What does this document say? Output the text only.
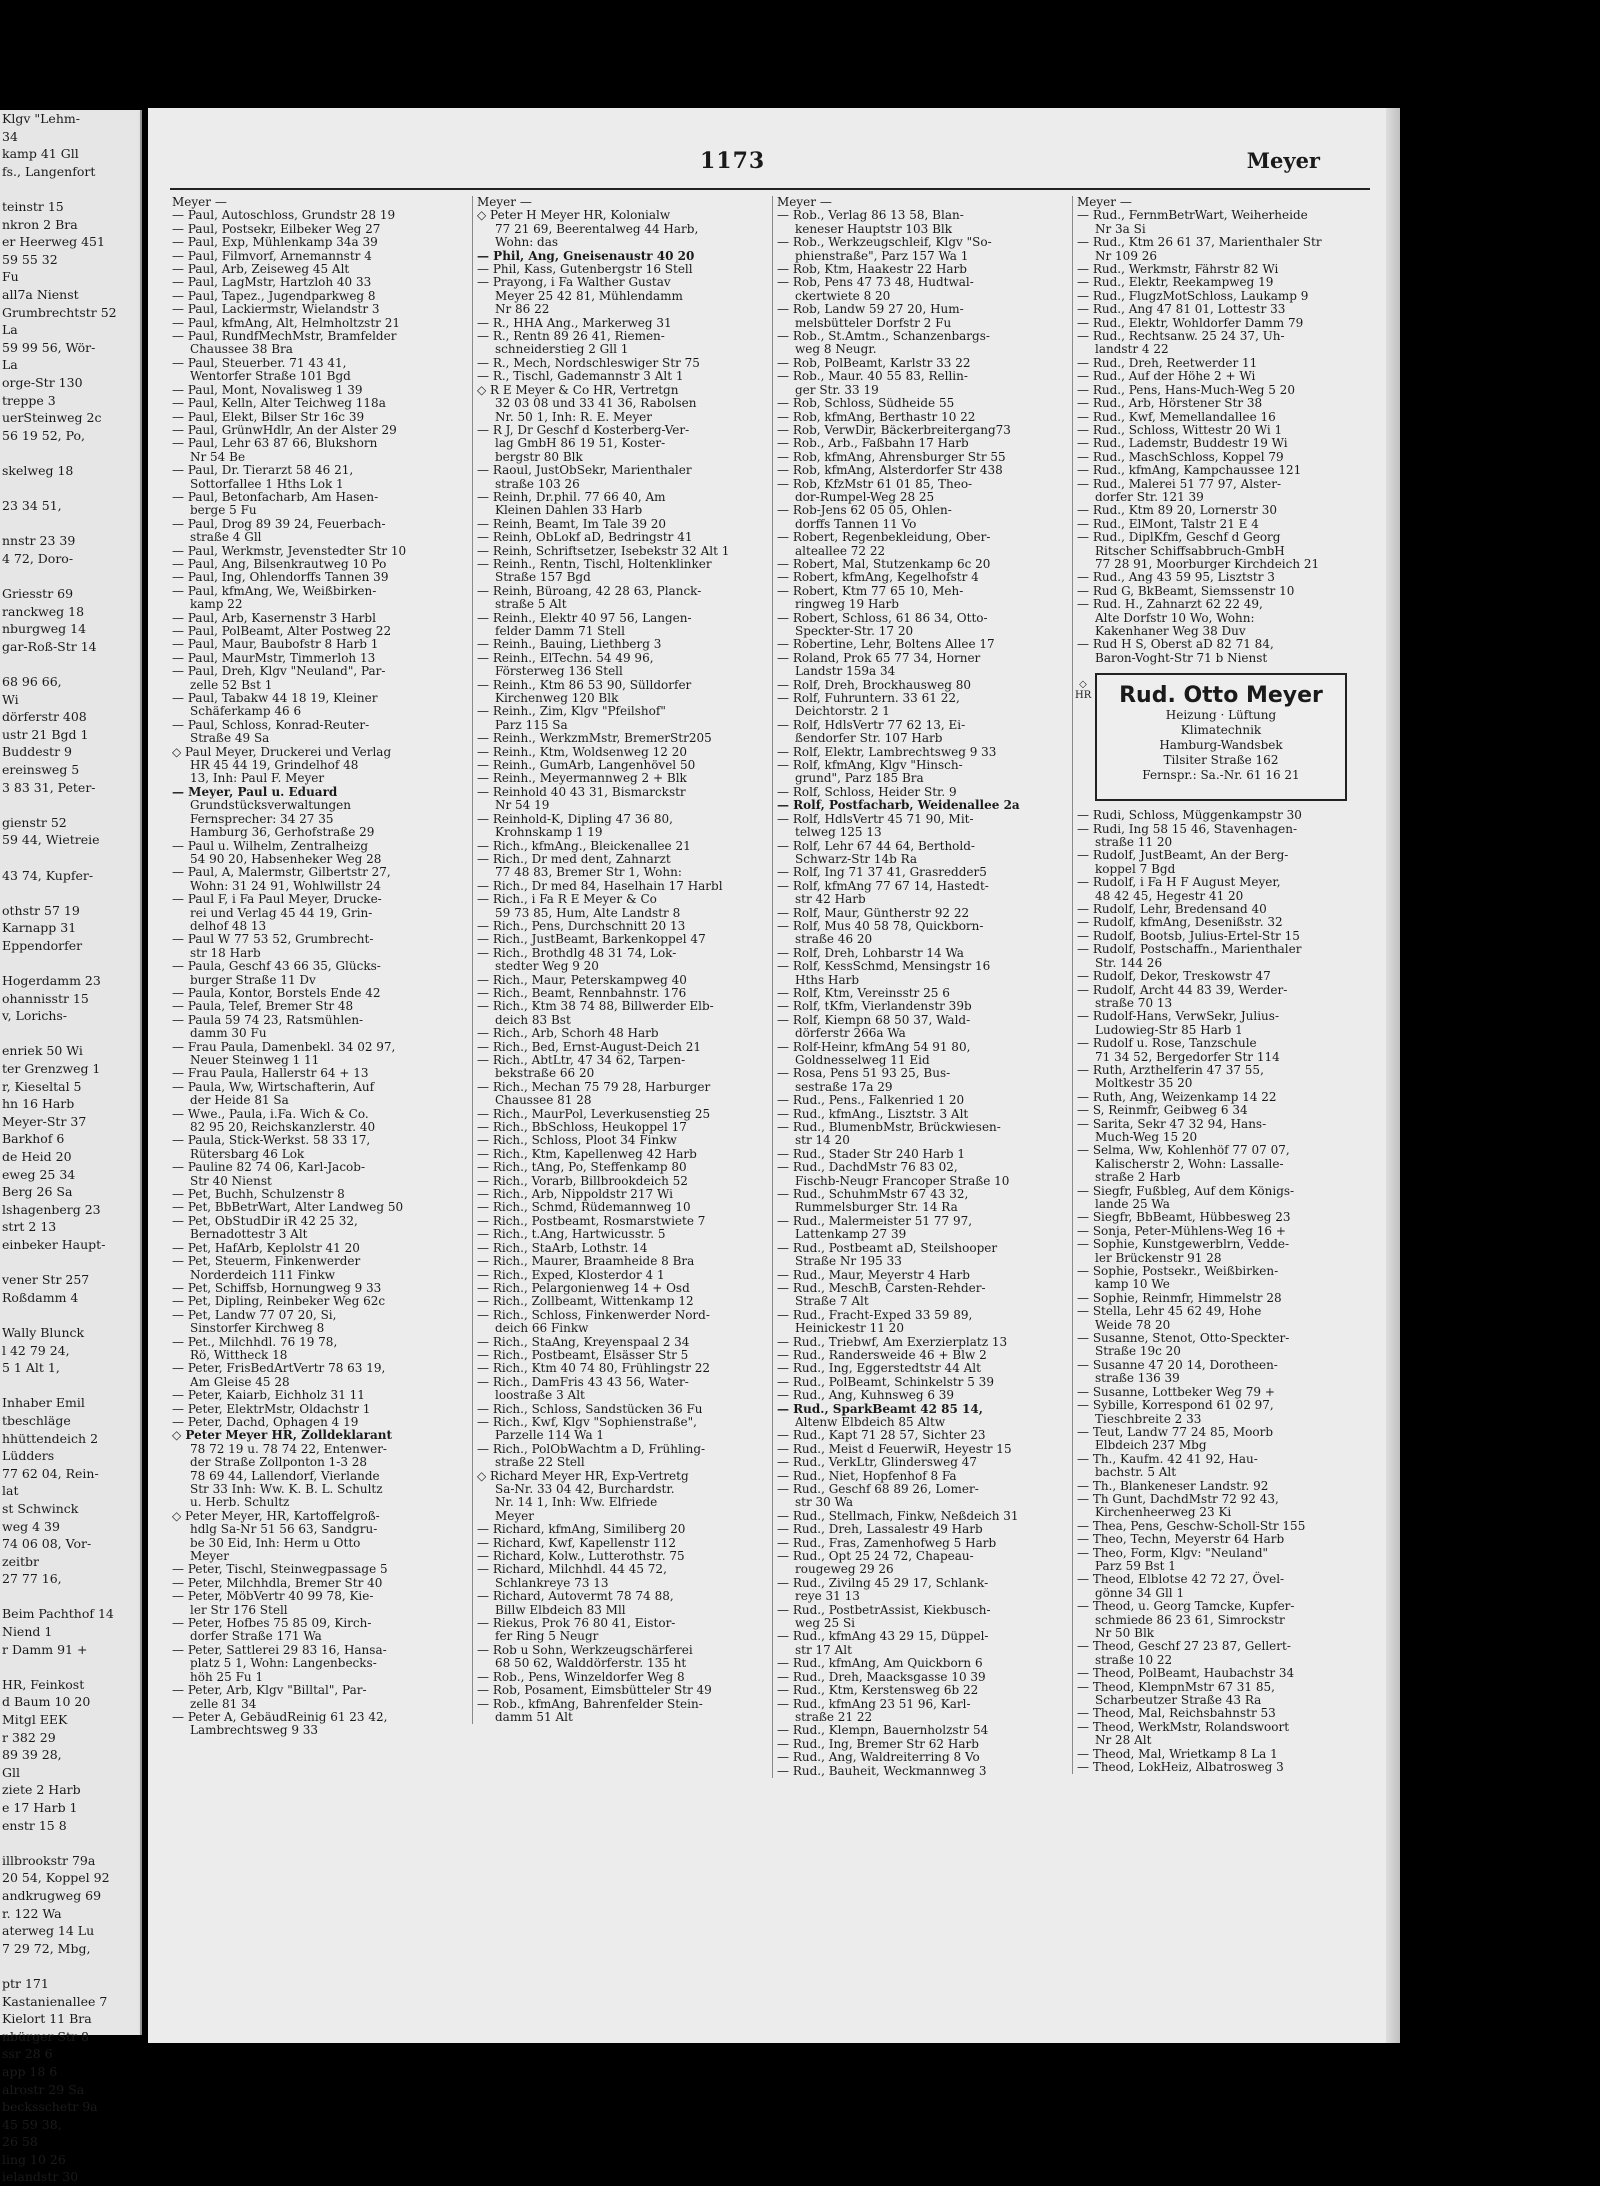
Klgv "Lehm-
34
kamp 41 Gll
fs., Langenfort

teinstr 15
nkron 2 Bra
er Heerweg 451
59 55 32
Fu
all7a Nienst
Grumbrechtstr 52
La
59 99 56, Wör-
La
orge-Str 130
treppe 3
uerSteinweg 2c
56 19 52, Po,

skelweg 18

23 34 51,

nnstr 23 39
4 72, Doro-

Griesstr 69
ranckweg 18
nburgweg 14
gar-Roß-Str 14

68 96 66,
Wi
dörferstr 408
ustr 21 Bgd 1
Buddestr 9
ereinsweg 5
3 83 31, Peter-

gienstr 52
59 44, Wietreie

43 74, Kupfer-

othstr 57 19
Karnapp 31
Eppendorfer

Hogerdamm 23
ohannisstr 15
v, Lorichs-

enriek 50 Wi
ter Grenzweg 1
r, Kieseltal 5
hn 16 Harb
Meyer-Str 37
Barkhof 6
de Heid 20
eweg 25 34
Berg 26 Sa
lshagenberg 23
strt 2 13
einbeker Haupt-

vener Str 257
Roßdamm 4

Wally Blunck
l 42 79 24,
5 1 Alt 1,

Inhaber Emil
tbeschläge
hhüttendeich 2
Lüdders
77 62 04, Rein-
lat
st Schwinck
weg 4 39
74 06 08, Vor-
zeitbr
27 77 16,

Beim Pachthof 14
Niend 1
r Damm 91 +

HR, Feinkost
d Baum 10 20
Mitgl EEK
r 382 29
89 39 28,
Gll
ziete 2 Harb
e 17 Harb 1
enstr 15 8

illbrookstr 79a
20 54, Koppel 92
andkrugweg 69
r. 122 Wa
aterweg 14 Lu
7 29 72, Mbg,

ptr 171
Kastanienallee 7
Kielort 11 Bra
nbürger Str 8
ssr 28 6
app 18 6
alrostr 29 Sa
becksschetr 9a
45 59 38,
26 58
ling 10 26
ielandstr 30
1173	Meyer
Meyer —
— Paul, Autoschloss, Grundstr 28 19
— Paul, Postsekr, Eilbeker Weg 27
— Paul, Exp, Mühlenkamp 34a 39
— Paul, Filmvorf, Arnemannstr 4
— Paul, Arb, Zeiseweg 45 Alt
— Paul, LagMstr, Hartzloh 40 33
— Paul, Tapez., Jugendparkweg 8
— Paul, Lackiermstr, Wielandstr 3
— Paul, kfmAng, Alt, Helmholtzstr 21
— Paul, RundfMechMstr, Bramfelder
Chaussee 38 Bra
— Paul, Steuerber. 71 43 41,
Wentorfer Straße 101 Bgd
— Paul, Mont, Novalisweg 1 39
— Paul, Kelln, Alter Teichweg 118a
— Paul, Elekt, Bilser Str 16c 39
— Paul, GrünwHdlr, An der Alster 29
— Paul, Lehr 63 87 66, Blukshorn
Nr 54 Be
— Paul, Dr. Tierarzt 58 46 21,
Sottorfallee 1 Hths Lok 1
— Paul, Betonfacharb, Am Hasen-
berge 5 Fu
— Paul, Drog 89 39 24, Feuerbach-
straße 4 Gll
— Paul, Werkmstr, Jevenstedter Str 10
— Paul, Ang, Bilsenkrautweg 10 Po
— Paul, Ing, Ohlendorffs Tannen 39
— Paul, kfmAng, We, Weißbirken-
kamp 22
— Paul, Arb, Kasernenstr 3 Harbl
— Paul, PolBeamt, Alter Postweg 22
— Paul, Maur, Baubofstr 8 Harb 1
— Paul, MaurMstr, Timmerloh 13
— Paul, Dreh, Klgv "Neuland", Par-
zelle 52 Bst 1
— Paul, Tabakw 44 18 19, Kleiner
Schäferkamp 46 6
— Paul, Schloss, Konrad-Reuter-
Straße 49 Sa
◇ Paul Meyer, Druckerei und Verlag
HR 45 44 19, Grindelhof 48
13, Inh: Paul F. Meyer
— Meyer, Paul u. Eduard
Grundstücksverwaltungen
Fernsprecher: 34 27 35
Hamburg 36, Gerhofstraße 29
— Paul u. Wilhelm, Zentralheizg
54 90 20, Habsenheker Weg 28
— Paul, A, Malermstr, Gilbertstr 27,
Wohn: 31 24 91, Wohlwillstr 24
— Paul F, i Fa Paul Meyer, Drucke-
rei und Verlag 45 44 19, Grin-
delhof 48 13
— Paul W 77 53 52, Grumbrecht-
str 18 Harb
— Paula, Geschf 43 66 35, Glücks-
burger Straße 11 Dv
— Paula, Kontor, Borstels Ende 42
— Paula, Telef, Bremer Str 48
— Paula 59 74 23, Ratsmühlen-
damm 30 Fu
— Frau Paula, Damenbekl. 34 02 97,
Neuer Steinweg 1 11
— Frau Paula, Hallerstr 64 + 13
— Paula, Ww, Wirtschafterin, Auf
der Heide 81 Sa
— Wwe., Paula, i.Fa. Wich & Co.
82 95 20, Reichskanzlerstr. 40
— Paula, Stick-Werkst. 58 33 17,
Rütersbarg 46 Lok
— Pauline 82 74 06, Karl-Jacob-
Str 40 Nienst
— Pet, Buchh, Schulzenstr 8
— Pet, BbBetrWart, Alter Landweg 50
— Pet, ObStudDir iR 42 25 32,
Bernadottestr 3 Alt
— Pet, HafArb, Keplolstr 41 20
— Pet, Steuerm, Finkenwerder
Norderdeich 111 Finkw
— Pet, Schiffsb, Hornungweg 9 33
— Pet, Dipling, Reinbeker Weg 62c
— Pet, Landw 77 07 20, Si,
Sinstorfer Kirchweg 8
— Pet., Milchhdl. 76 19 78,
Rö, Wittheck 18
— Peter, FrisBedArtVertr 78 63 19,
Am Gleise 45 28
— Peter, Kaiarb, Eichholz 31 11
— Peter, ElektrMstr, Oldachstr 1
— Peter, Dachd, Ophagen 4 19
◇ Peter Meyer HR, Zolldeklarant
78 72 19 u. 78 74 22, Entenwer-
der Straße Zollponton 1-3 28
78 69 44, Lallendorf, Vierlande
Str 33 Inh: Ww. K. B. L. Schultz
u. Herb. Schultz
◇ Peter Meyer, HR, Kartoffelgroß-
hdlg Sa-Nr 51 56 63, Sandgru-
be 30 Eid, Inh: Herm u Otto
Meyer
— Peter, Tischl, Steinwegpassage 5
— Peter, Milchhdla, Bremer Str 40
— Peter, MöbVertr 40 99 78, Kie-
ler Str 176 Stell
— Peter, Hofbes 75 85 09, Kirch-
dorfer Straße 171 Wa
— Peter, Sattlerei 29 83 16, Hansa-
platz 5 1, Wohn: Langenbecks-
höh 25 Fu 1
— Peter, Arb, Klgv "Billtal", Par-
zelle 81 34
— Peter A, GebäudReinig 61 23 42,
Lambrechtsweg 9 33
Meyer —
◇ Peter H Meyer HR, Kolonialw
77 21 69, Beerentalweg 44 Harb,
Wohn: das
— Phil, Ang, Gneisenaustr 40 20
— Phil, Kass, Gutenbergstr 16 Stell
— Prayong, i Fa Walther Gustav
Meyer 25 42 81, Mühlendamm
Nr 86 22
— R., HHA Ang., Markerweg 31
— R., Rentn 89 26 41, Riemen-
schneiderstieg 2 Gll 1
— R., Mech, Nordschleswiger Str 75
— R., Tischl, Gademannstr 3 Alt 1
◇ R E Meyer & Co HR, Vertretgn
32 03 08 und 33 41 36, Rabolsen
Nr. 50 1, Inh: R. E. Meyer
— R J, Dr Geschf d Kosterberg-Ver-
lag GmbH 86 19 51, Koster-
bergstr 80 Blk
— Raoul, JustObSekr, Marienthaler
straße 103 26
— Reinh, Dr.phil. 77 66 40, Am
Kleinen Dahlen 33 Harb
— Reinh, Beamt, Im Tale 39 20
— Reinh, ObLokf aD, Bedringstr 41
— Reinh, Schriftsetzer, Isebekstr 32 Alt 1
— Reinh., Rentn, Tischl, Holtenklinker
Straße 157 Bgd
— Reinh, Büroang, 42 28 63, Planck-
straße 5 Alt
— Reinh., Elektr 40 97 56, Langen-
felder Damm 71 Stell
— Reinh., Bauing, Liethberg 3
— Reinh., ElTechn. 54 49 96,
Försterweg 136 Stell
— Reinh., Ktm 86 53 90, Sülldorfer
Kirchenweg 120 Blk
— Reinh., Zim, Klgv "Pfeilshof"
Parz 115 Sa
— Reinh., WerkzmMstr, BremerStr205
— Reinh., Ktm, Woldsenweg 12 20
— Reinh., GumArb, Langenhövel 50
— Reinh., Meyermannweg 2 + Blk
— Reinhold 40 43 31, Bismarckstr
Nr 54 19
— Reinhold-K, Dipling 47 36 80,
Krohnskamp 1 19
— Rich., kfmAng., Bleickenallee 21
— Rich., Dr med dent, Zahnarzt
77 48 83, Bremer Str 1, Wohn:
— Rich., Dr med 84, Haselhain 17 Harbl
— Rich., i Fa R E Meyer & Co
59 73 85, Hum, Alte Landstr 8
— Rich., Pens, Durchschnitt 20 13
— Rich., JustBeamt, Barkenkoppel 47
— Rich., Brothdlg 48 31 74, Lok-
stedter Weg 9 20
— Rich., Maur, Peterskampweg 40
— Rich., Beamt, Rennbahnstr. 176
— Rich., Ktm 38 74 88, Billwerder Elb-
deich 83 Bst
— Rich., Arb, Schorh 48 Harb
— Rich., Bed, Ernst-August-Deich 21
— Rich., AbtLtr, 47 34 62, Tarpen-
bekstraße 66 20
— Rich., Mechan 75 79 28, Harburger
Chaussee 81 28
— Rich., MaurPol, Leverkusenstieg 25
— Rich., BbSchloss, Heukoppel 17
— Rich., Schloss, Ploot 34 Finkw
— Rich., Ktm, Kapellenweg 42 Harb
— Rich., tAng, Po, Steffenkamp 80
— Rich., Vorarb, Billbrookdeich 52
— Rich., Arb, Nippoldstr 217 Wi
— Rich., Schmd, Rüdemannweg 10
— Rich., Postbeamt, Rosmarstwiete 7
— Rich., t.Ang, Hartwicusstr. 5
— Rich., StaArb, Lothstr. 14
— Rich., Maurer, Braamheide 8 Bra
— Rich., Exped, Klosterdor 4 1
— Rich., Pelargonienweg 14 + Osd
— Rich., Zollbeamt, Wittenkamp 12
— Rich., Schloss, Finkenwerder Nord-
deich 66 Finkw
— Rich., StaAng, Kreyenspaal 2 34
— Rich., Postbeamt, Elsässer Str 5
— Rich., Ktm 40 74 80, Frühlingstr 22
— Rich., DamFris 43 43 56, Water-
loostraße 3 Alt
— Rich., Schloss, Sandstücken 36 Fu
— Rich., Kwf, Klgv "Sophienstraße",
Parzelle 114 Wa 1
— Rich., PolObWachtm a D, Frühling-
straße 22 Stell
◇ Richard Meyer HR, Exp-Vertretg
Sa-Nr. 33 04 42, Burchardstr.
Nr. 14 1, Inh: Ww. Elfriede
Meyer
— Richard, kfmAng, Similiberg 20
— Richard, Kwf, Kapellenstr 112
— Richard, Kolw., Lutterothstr. 75
— Richard, Milchhdl. 44 45 72,
Schlankreye 73 13
— Richard, Autovermt 78 74 88,
Billw Elbdeich 83 Mll
— Riekus, Prok 76 80 41, Eistor-
fer Ring 5 Neugr
— Rob u Sohn, Werkzeugschärferei
68 50 62, Walddörferstr. 135 ht
— Rob., Pens, Winzeldorfer Weg 8
— Rob, Posament, Eimsbütteler Str 49
— Rob., kfmAng, Bahrenfelder Stein-
damm 51 Alt
Meyer —
— Rob., Verlag 86 13 58, Blan-
keneser Hauptstr 103 Blk
— Rob., Werkzeugschleif, Klgv "So-
phienstraße", Parz 157 Wa 1
— Rob, Ktm, Haakestr 22 Harb
— Rob, Pens 47 73 48, Hudtwal-
ckertwiete 8 20
— Rob, Landw 59 27 20, Hum-
melsbütteler Dorfstr 2 Fu
— Rob., St.Amtm., Schanzenbargs-
weg 8 Neugr.
— Rob, PolBeamt, Karlstr 33 22
— Rob., Maur. 40 55 83, Rellin-
ger Str. 33 19
— Rob, Schloss, Südheide 55
— Rob, kfmAng, Berthastr 10 22
— Rob, VerwDir, Bäckerbreitergang73
— Rob., Arb., Faßbahn 17 Harb
— Rob, kfmAng, Ahrensburger Str 55
— Rob, kfmAng, Alsterdorfer Str 438
— Rob, KfzMstr 61 01 85, Theo-
dor-Rumpel-Weg 28 25
— Rob-Jens 62 05 05, Ohlen-
dorffs Tannen 11 Vo
— Robert, Regenbekleidung, Ober-
alteallee 72 22
— Robert, Mal, Stutzenkamp 6c 20
— Robert, kfmAng, Kegelhofstr 4
— Robert, Ktm 77 65 10, Meh-
ringweg 19 Harb
— Robert, Schloss, 61 86 34, Otto-
Speckter-Str. 17 20
— Robertine, Lehr, Boltens Allee 17
— Roland, Prok 65 77 34, Horner
Landstr 159a 34
— Rolf, Dreh, Brockhausweg 80
— Rolf, Fuhruntern. 33 61 22,
Deichtorstr. 2 1
— Rolf, HdlsVertr 77 62 13, Ei-
ßendorfer Str. 107 Harb
— Rolf, Elektr, Lambrechtsweg 9 33
— Rolf, kfmAng, Klgv "Hinsch-
grund", Parz 185 Bra
— Rolf, Schloss, Heider Str. 9
— Rolf, Postfacharb, Weidenallee 2a
— Rolf, HdlsVertr 45 71 90, Mit-
telweg 125 13
— Rolf, Lehr 67 44 64, Berthold-
Schwarz-Str 14b Ra
— Rolf, Ing 71 37 41, Grasredder5
— Rolf, kfmAng 77 67 14, Hastedt-
str 42 Harb
— Rolf, Maur, Güntherstr 92 22
— Rolf, Mus 40 58 78, Quickborn-
straße 46 20
— Rolf, Dreh, Lohbarstr 14 Wa
— Rolf, KessSchmd, Mensingstr 16
Hths Harb
— Rolf, Ktm, Vereinsstr 25 6
— Rolf, tKfm, Vierlandenstr 39b
— Rolf, Kiempn 68 50 37, Wald-
dörferstr 266a Wa
— Rolf-Heinr, kfmAng 54 91 80,
Goldnesselweg 11 Eid
— Rosa, Pens 51 93 25, Bus-
sestraße 17a 29
— Rud., Pens., Falkenried 1 20
— Rud., kfmAng., Lisztstr. 3 Alt
— Rud., BlumenbMstr, Brückwiesen-
str 14 20
— Rud., Stader Str 240 Harb 1
— Rud., DachdMstr 76 83 02,
Fischb-Neugr Francoper Straße 10
— Rud., SchuhmMstr 67 43 32,
Rummelsburger Str. 14 Ra
— Rud., Malermeister 51 77 97,
Lattenkamp 27 39
— Rud., Postbeamt aD, Steilshooper
Straße Nr 195 33
— Rud., Maur, Meyerstr 4 Harb
— Rud., MeschB, Carsten-Rehder-
Straße 7 Alt
— Rud., Fracht-Exped 33 59 89,
Heinickestr 11 20
— Rud., Triebwf, Am Exerzierplatz 13
— Rud., Randersweide 46 + Blw 2
— Rud., Ing, Eggerstedtstr 44 Alt
— Rud., PolBeamt, Schinkelstr 5 39
— Rud., Ang, Kuhnsweg 6 39
— Rud., SparkBeamt 42 85 14,
Altenw Elbdeich 85 Altw
— Rud., Kapt 71 28 57, Sichter 23
— Rud., Meist d FeuerwiR, Heyestr 15
— Rud., VerkLtr, Glindersweg 47
— Rud., Niet, Hopfenhof 8 Fa
— Rud., Geschf 68 89 26, Lomer-
str 30 Wa
— Rud., Stellmach, Finkw, Neßdeich 31
— Rud., Dreh, Lassalestr 49 Harb
— Rud., Fras, Zamenhofweg 5 Harb
— Rud., Opt 25 24 72, Chapeau-
rougeweg 29 26
— Rud., Zivilng 45 29 17, Schlank-
reye 31 13
— Rud., PostbetrAssist, Kiekbusch-
weg 25 Si
— Rud., kfmAng 43 29 15, Düppel-
str 17 Alt
— Rud., kfmAng, Am Quickborn 6
— Rud., Dreh, Maacksgasse 10 39
— Rud., Ktm, Kerstensweg 6b 22
— Rud., kfmAng 23 51 96, Karl-
straße 21 22
— Rud., Klempn, Bauernholzstr 54
— Rud., Ing, Bremer Str 62 Harb
— Rud., Ang, Waldreiterring 8 Vo
— Rud., Bauheit, Weckmannweg 3
Meyer —
— Rud., FernmBetrWart, Weiherheide
Nr 3a Si
— Rud., Ktm 26 61 37, Marienthaler Str
Nr 109 26
— Rud., Werkmstr, Fährstr 82 Wi
— Rud., Elektr, Reekampweg 19
— Rud., FlugzMotSchloss, Laukamp 9
— Rud., Ang 47 81 01, Lottestr 33
— Rud., Elektr, Wohldorfer Damm 79
— Rud., Rechtsanw. 25 24 37, Uh-
landstr 4 22
— Rud., Dreh, Reetwerder 11
— Rud., Auf der Höhe 2 + Wi
— Rud., Pens, Hans-Much-Weg 5 20
— Rud., Arb, Hörstener Str 38
— Rud., Kwf, Memellandallee 16
— Rud., Schloss, Wittestr 20 Wi 1
— Rud., Lademstr, Buddestr 19 Wi
— Rud., MaschSchloss, Koppel 79
— Rud., kfmAng, Kampchaussee 121
— Rud., Malerei 51 77 97, Alster-
dorfer Str. 121 39
— Rud., Ktm 89 20, Lornerstr 30
— Rud., ElMont, Talstr 21 E 4
— Rud., DiplKfm, Geschf d Georg
Ritscher Schiffsabbruch-GmbH
77 28 91, Moorburger Kirchdeich 21
— Rud., Ang 43 59 95, Lisztstr 3
— Rud G, BkBeamt, Siemssenstr 10
— Rud. H., Zahnarzt 62 22 49,
Alte Dorfstr 10 Wo, Wohn:
Kakenhaner Weg 38 Duv
— Rud H S, Oberst aD 82 71 84,
Baron-Voght-Str 71 b Nienst
◇ HR	Rud. Otto Meyer
Heizung · Lüftung
Klimatechnik
Hamburg-Wandsbek
Tilsiter Straße 162
Fernspr.: Sa.-Nr. 61 16 21
— Rudi, Schloss, Müggenkampstr 30
— Rudi, Ing 58 15 46, Stavenhagen-
straße 11 20
— Rudolf, JustBeamt, An der Berg-
koppel 7 Bgd
— Rudolf, i Fa H F August Meyer,
48 42 45, Hegestr 41 20
— Rudolf, Lehr, Bredensand 40
— Rudolf, kfmAng, Desenißstr. 32
— Rudolf, Bootsb, Julius-Ertel-Str 15
— Rudolf, Postschaffn., Marienthaler
Str. 144 26
— Rudolf, Dekor, Treskowstr 47
— Rudolf, Archt 44 83 39, Werder-
straße 70 13
— Rudolf-Hans, VerwSekr, Julius-
Ludowieg-Str 85 Harb 1
— Rudolf u. Rose, Tanzschule
71 34 52, Bergedorfer Str 114
— Ruth, Arzthelferin 47 37 55,
Moltkestr 35 20
— Ruth, Ang, Weizenkamp 14 22
— S, Reinmfr, Geibweg 6 34
— Sarita, Sekr 47 32 94, Hans-
Much-Weg 15 20
— Selma, Ww, Kohlenhöf 77 07 07,
Kalischerstr 2, Wohn: Lassalle-
straße 2 Harb
— Siegfr, Fußbleg, Auf dem Königs-
lande 25 Wa
— Siegfr, BbBeamt, Hübbesweg 23
— Sonja, Peter-Mühlens-Weg 16 +
— Sophie, Kunstgewerblrn, Vedde-
ler Brückenstr 91 28
— Sophie, Postsekr., Weißbirken-
kamp 10 We
— Sophie, Reinmfr, Himmelstr 28
— Stella, Lehr 45 62 49, Hohe
Weide 78 20
— Susanne, Stenot, Otto-Speckter-
Straße 19c 20
— Susanne 47 20 14, Dorotheen-
straße 136 39
— Susanne, Lottbeker Weg 79 +
— Sybille, Korrespond 61 02 97,
Tieschbreite 2 33
— Teut, Landw 77 24 85, Moorb
Elbdeich 237 Mbg
— Th., Kaufm. 42 41 92, Hau-
bachstr. 5 Alt
— Th., Blankeneser Landstr. 92
— Th Gunt, DachdMstr 72 92 43,
Kirchenheerweg 23 Ki
— Thea, Pens, Geschw-Scholl-Str 155
— Theo, Techn, Meyerstr 64 Harb
— Theo, Form, Klgv: "Neuland"
Parz 59 Bst 1
— Theod, Elblotse 42 72 27, Övel-
gönne 34 Gll 1
— Theod, u. Georg Tamcke, Kupfer-
schmiede 86 23 61, Simrockstr
Nr 50 Blk
— Theod, Geschf 27 23 87, Gellert-
straße 10 22
— Theod, PolBeamt, Haubachstr 34
— Theod, KlempnMstr 67 31 85,
Scharbeutzer Straße 43 Ra
— Theod, Mal, Reichsbahnstr 53
— Theod, WerkMstr, Rolandswoort
Nr 28 Alt
— Theod, Mal, Wrietkamp 8 La 1
— Theod, LokHeiz, Albatrosweg 3
